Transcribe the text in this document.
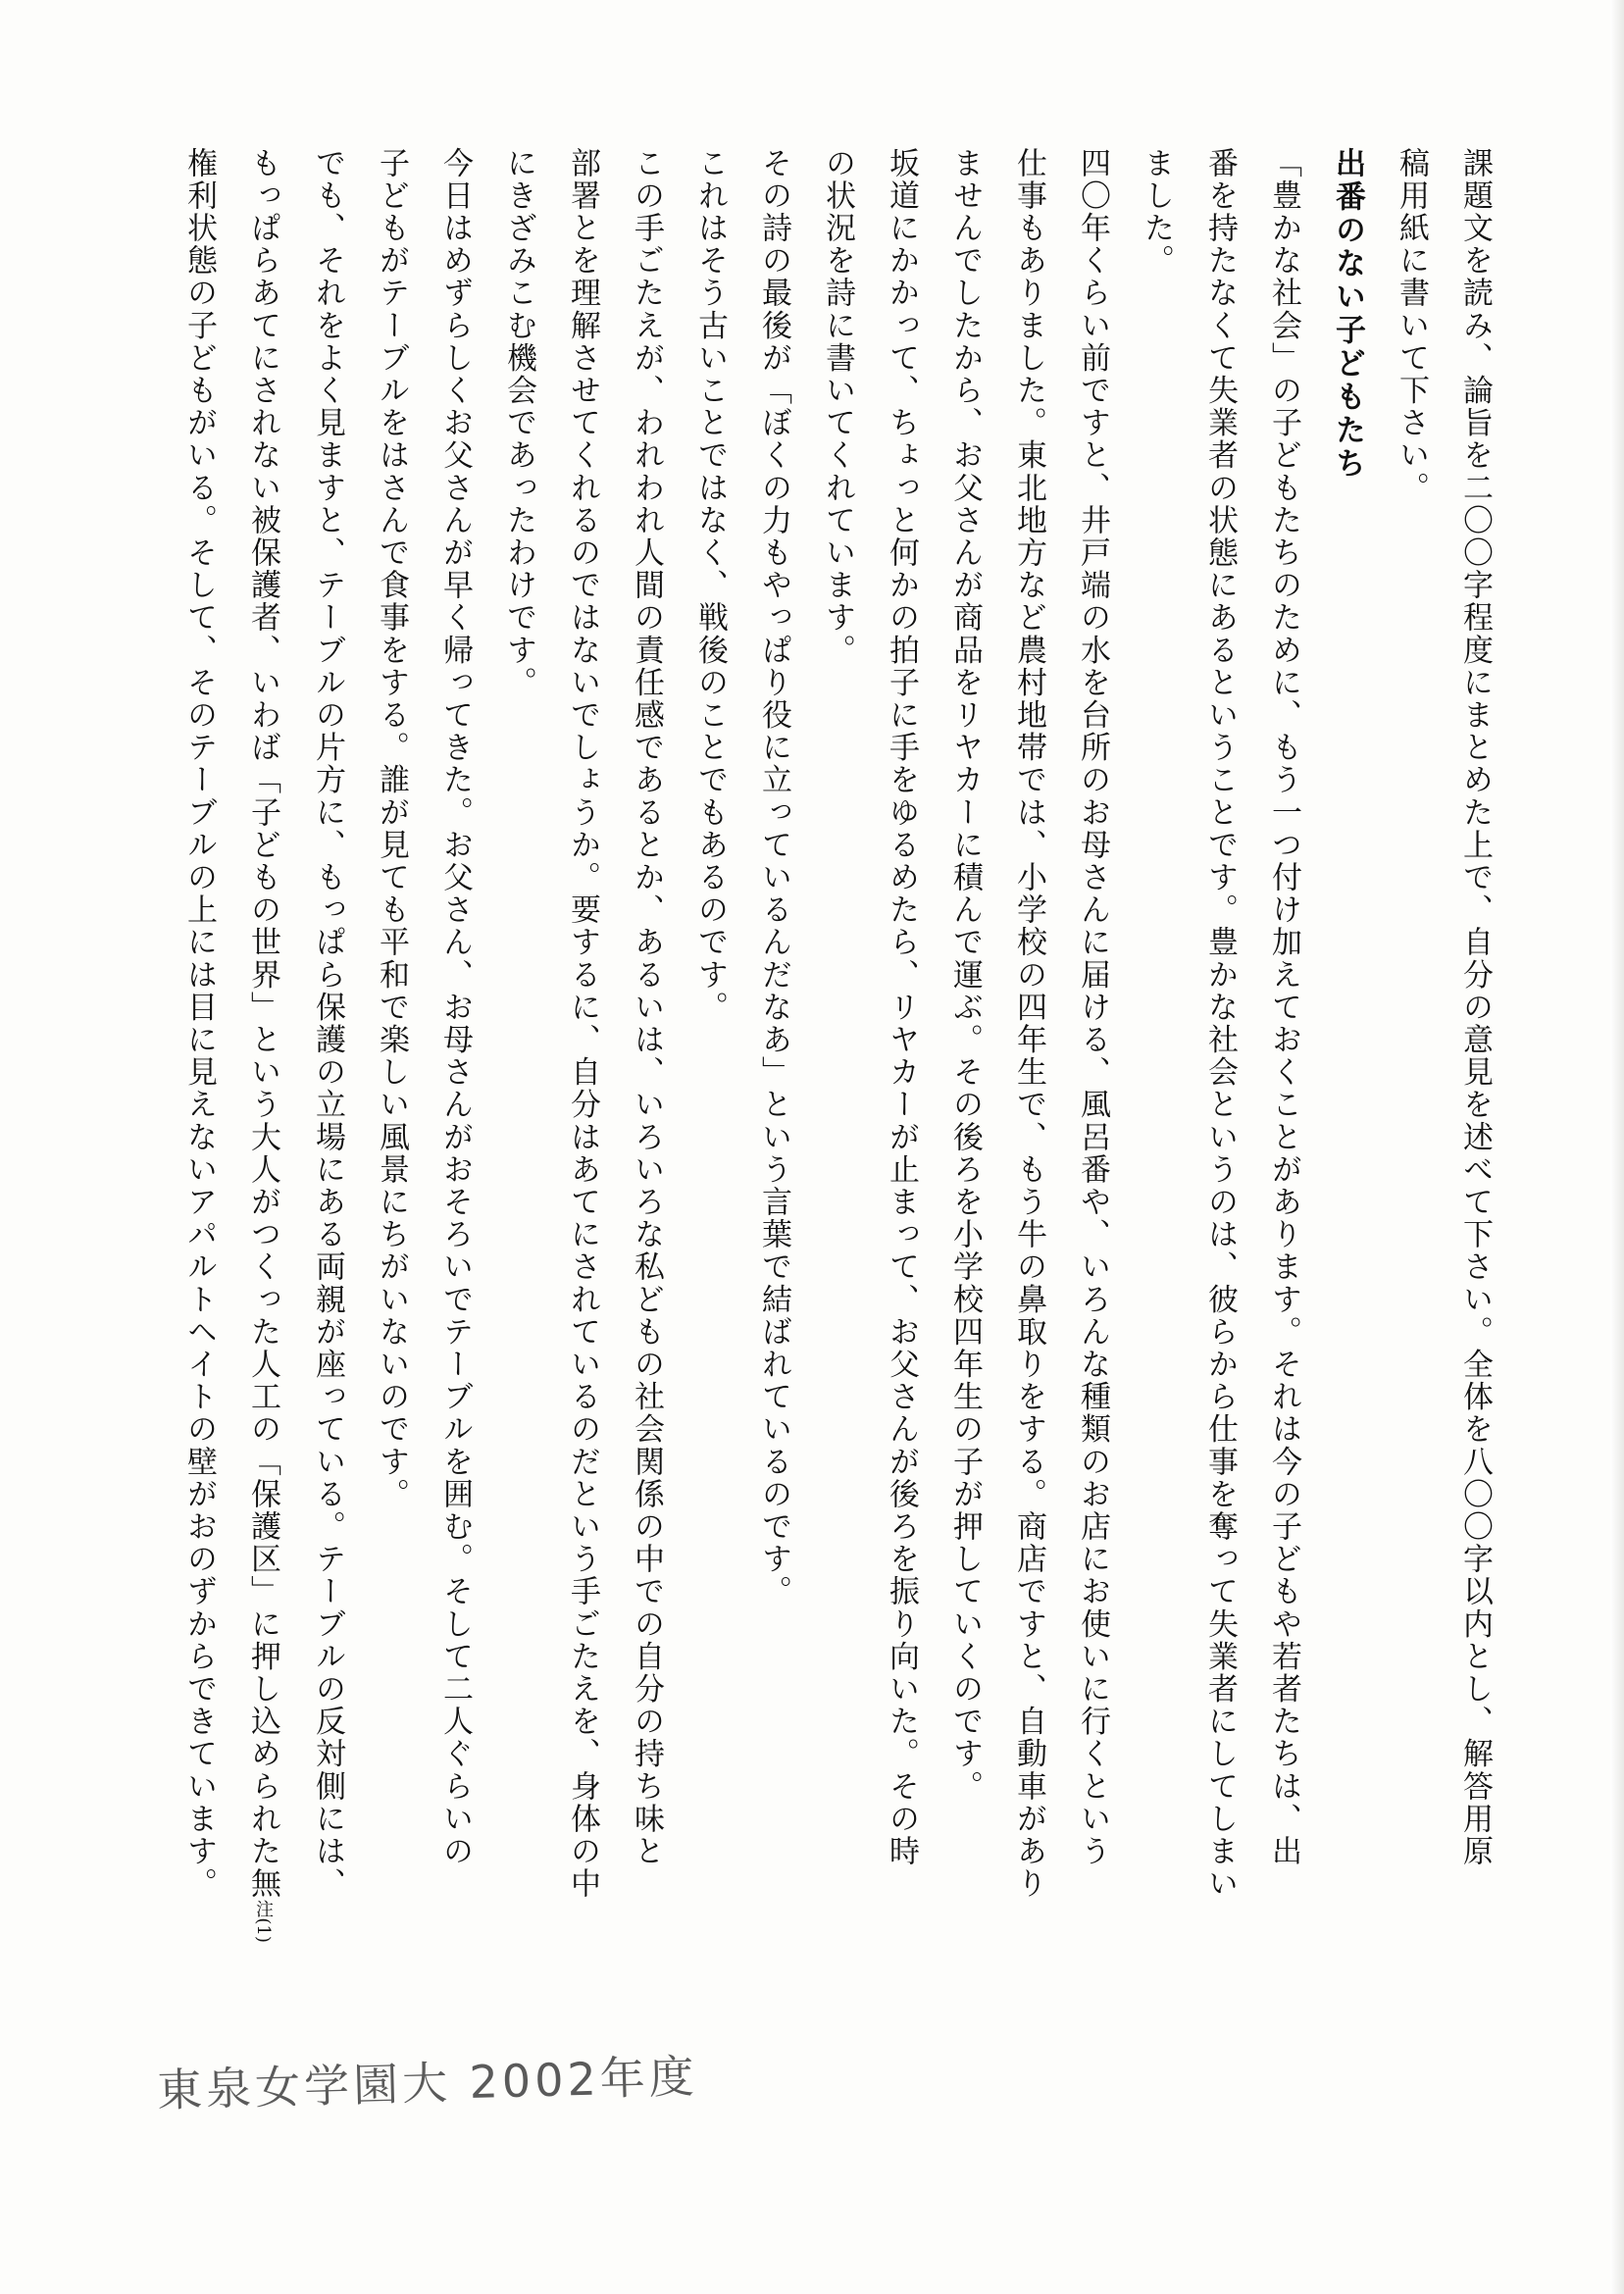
課題文を読み、論旨を二〇〇字程度にまとめた上で、自分の意見を述べて下さい。全体を八〇〇字以内とし、解答用原
稿用紙に書いて下さい。
出番のない子どもたち
「豊かな社会」の子どもたちのために、もう一つ付け加えておくことがあります。それは今の子どもや若者たちは、出
番を持たなくて失業者の状態にあるということです。豊かな社会というのは、彼らから仕事を奪って失業者にしてしまい
ました。
四〇年くらい前ですと、井戸端の水を台所のお母さんに届ける、風呂番や、いろんな種類のお店にお使いに行くという
仕事もありました。東北地方など農村地帯では、小学校の四年生で、もう牛の鼻取りをする。商店ですと、自動車があり
ませんでしたから、お父さんが商品をリヤカーに積んで運ぶ。その後ろを小学校四年生の子が押していくのです。
坂道にかかって、ちょっと何かの拍子に手をゆるめたら、リヤカーが止まって、お父さんが後ろを振り向いた。その時
の状況を詩に書いてくれています。
その詩の最後が「ぼくの力もやっぱり役に立っているんだなあ」という言葉で結ばれているのです。
これはそう古いことではなく、戦後のことでもあるのです。
この手ごたえが、われわれ人間の責任感であるとか、あるいは、いろいろな私どもの社会関係の中での自分の持ち味と
部署とを理解させてくれるのではないでしょうか。要するに、自分はあてにされているのだという手ごたえを、身体の中
にきざみこむ機会であったわけです。
今日はめずらしくお父さんが早く帰ってきた。お父さん、お母さんがおそろいでテーブルを囲む。そして二人ぐらいの
子どもがテーブルをはさんで食事をする。誰が見ても平和で楽しい風景にちがいないのです。
でも、それをよく見ますと、テーブルの片方に、もっぱら保護の立場にある両親が座っている。テーブルの反対側には、
もっぱらあてにされない被保護者、いわば「子どもの世界」という大人がつくった人工の「保護区」に押し込められた無注(1)
権利状態の子どもがいる。そして、そのテーブルの上には目に見えないアパルトヘイトの壁がおのずからできています。
東泉女学園大 2002年度
